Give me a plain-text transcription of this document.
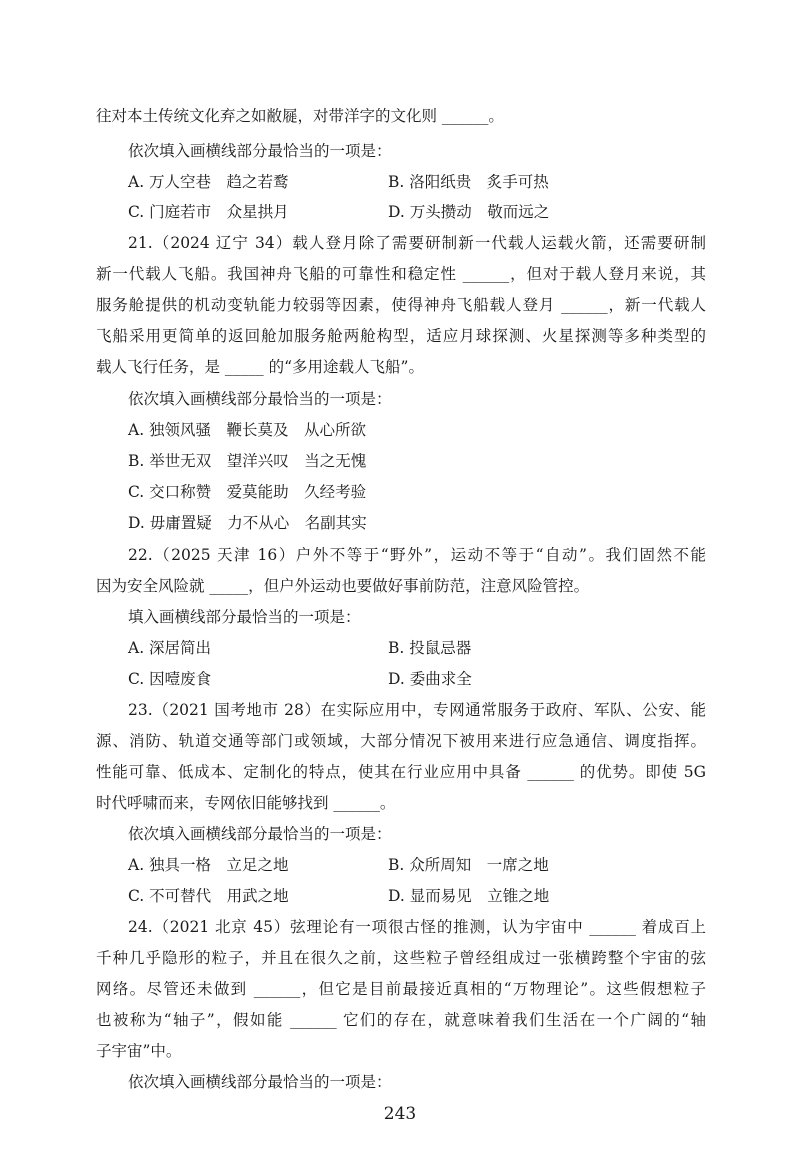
往对本土传统文化弃之如敝屣，对带洋字的文化则 ______。
依次填入画横线部分最恰当的一项是：
A. 万人空巷　趋之若鹜	B. 洛阳纸贵　炙手可热
C. 门庭若市　众星拱月	D. 万头攒动　敬而远之
21.（2024 辽宁 34）载人登月除了需要研制新一代载人运载火箭，还需要研制
新一代载人飞船。我国神舟飞船的可靠性和稳定性 ______，但对于载人登月来说，其
服务舱提供的机动变轨能力较弱等因素，使得神舟飞船载人登月 ______，新一代载人
飞船采用更简单的返回舱加服务舱两舱构型，适应月球探测、火星探测等多种类型的
载人飞行任务，是 _____ 的“多用途载人飞船”。
依次填入画横线部分最恰当的一项是：
A. 独领风骚　鞭长莫及　从心所欲
B. 举世无双　望洋兴叹　当之无愧
C. 交口称赞　爱莫能助　久经考验
D. 毋庸置疑　力不从心　名副其实
22.（2025 天津 16）户外不等于“野外”，运动不等于“自动”。我们固然不能
因为安全风险就 _____，但户外运动也要做好事前防范，注意风险管控。
填入画横线部分最恰当的一项是：
A. 深居简出	B. 投鼠忌器
C. 因噎废食	D. 委曲求全
23.（2021 国考地市 28）在实际应用中，专网通常服务于政府、军队、公安、能
源、消防、轨道交通等部门或领域，大部分情况下被用来进行应急通信、调度指挥。
性能可靠、低成本、定制化的特点，使其在行业应用中具备 ______ 的优势。即使 5G
时代呼啸而来，专网依旧能够找到 ______。
依次填入画横线部分最恰当的一项是：
A. 独具一格　立足之地	B. 众所周知　一席之地
C. 不可替代　用武之地	D. 显而易见　立锥之地
24.（2021 北京 45）弦理论有一项很古怪的推测，认为宇宙中 ______ 着成百上
千种几乎隐形的粒子，并且在很久之前，这些粒子曾经组成过一张横跨整个宇宙的弦
网络。尽管还未做到 ______，但它是目前最接近真相的“万物理论”。这些假想粒子
也被称为“轴子”，假如能 ______ 它们的存在，就意味着我们生活在一个广阔的“轴
子宇宙”中。
依次填入画横线部分最恰当的一项是：
243
